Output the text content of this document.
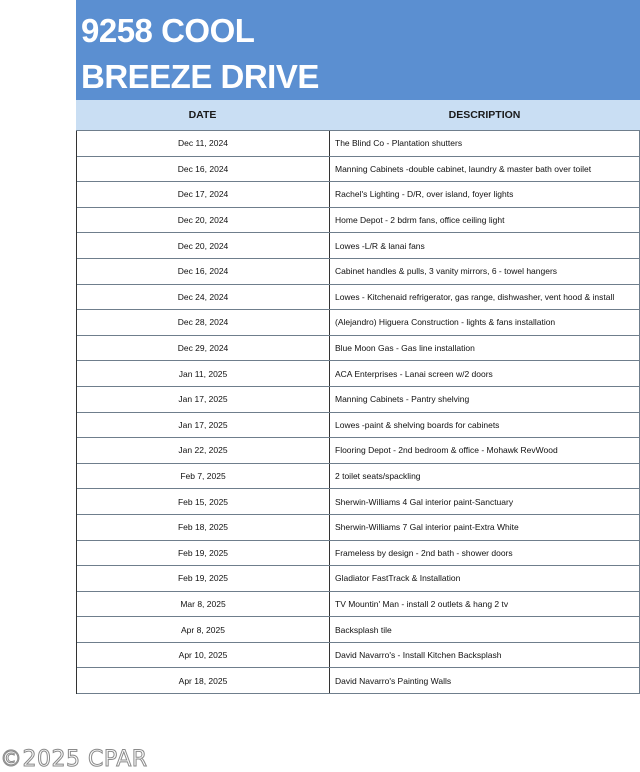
9258 COOL
BREEZE DRIVE
DATE	DESCRIPTION
Dec 11, 2024	The Blind Co - Plantation shutters
Dec 16, 2024	Manning Cabinets -double cabinet, laundry & master bath over toilet
Dec 17, 2024	Rachel's Lighting - D/R, over island, foyer lights
Dec 20, 2024	Home Depot - 2 bdrm fans, office ceiling light
Dec 20, 2024	Lowes -L/R & lanai fans
Dec 16, 2024	Cabinet handles & pulls, 3 vanity mirrors, 6 - towel hangers
Dec 24, 2024	Lowes - Kitchenaid refrigerator, gas range, dishwasher, vent hood & install
Dec 28, 2024	(Alejandro) Higuera Construction - lights & fans installation
Dec 29, 2024	Blue Moon Gas - Gas line installation
Jan 11, 2025	ACA Enterprises - Lanai screen w/2 doors
Jan 17, 2025	Manning Cabinets - Pantry shelving
Jan 17, 2025	Lowes -paint & shelving boards for cabinets
Jan 22, 2025	Flooring Depot - 2nd bedroom & office - Mohawk RevWood
Feb 7, 2025	2 toilet seats/spackling
Feb 15, 2025	Sherwin-Williams 4 Gal interior paint-Sanctuary
Feb 18, 2025	Sherwin-Williams 7 Gal interior paint-Extra White
Feb 19, 2025	Frameless by design - 2nd bath - shower doors
Feb 19, 2025	Gladiator FastTrack & Installation
Mar 8, 2025	TV Mountin' Man - install 2 outlets & hang 2 tv
Apr 8, 2025	Backsplash tile
Apr 10, 2025	David Navarro's - Install Kitchen Backsplash
Apr 18, 2025	David Navarro's Painting Walls
©2025 CPAR
